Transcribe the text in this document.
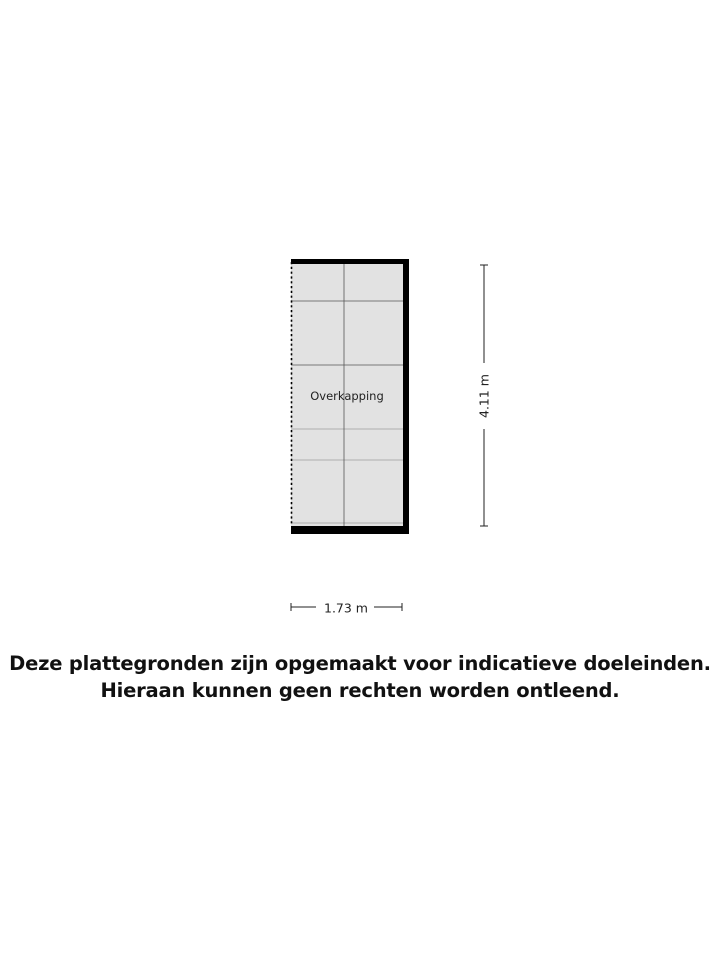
Overkapping	4.11 m
1.73 m
Deze plattegronden zijn opgemaakt voor indicatieve doeleinden.
Hieraan kunnen geen rechten worden ontleend.
